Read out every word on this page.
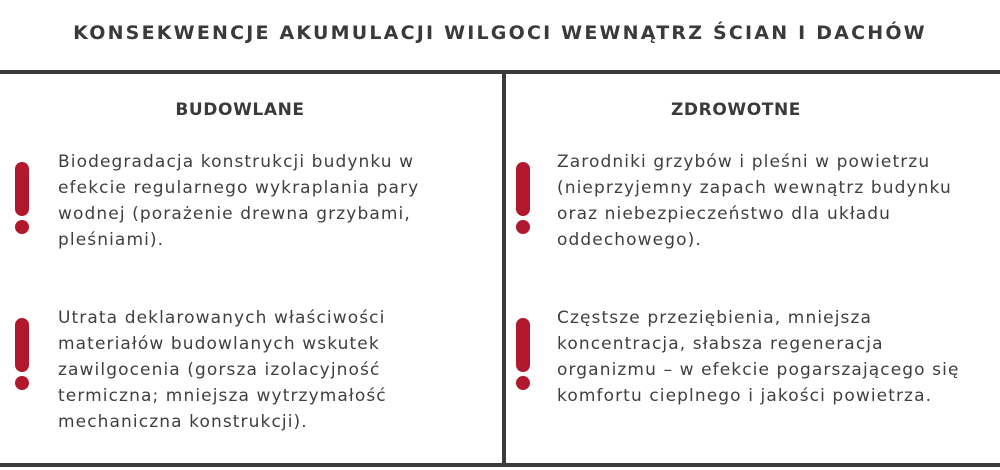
KONSEKWENCJE AKUMULACJI WILGOCI WEWNĄTRZ ŚCIAN I DACHÓW
BUDOWLANE
Biodegradacja konstrukcji budynku w efekcie regularnego wykraplania pary wodnej (porażenie drewna grzybami, pleśniami).
Utrata deklarowanych właściwości materiałów budowlanych wskutek zawilgocenia (gorsza izolacyjność termiczna; mniejsza wytrzymałość mechaniczna konstrukcji).
ZDROWOTNE
Zarodniki grzybów i pleśni w powietrzu (nieprzyjemny zapach wewnątrz budynku oraz niebezpieczeństwo dla układu oddechowego).
Częstsze przeziębienia, mniejsza koncentracja, słabsza regeneracja organizmu – w efekcie pogarszającego się komfortu cieplnego i jakości powietrza.
